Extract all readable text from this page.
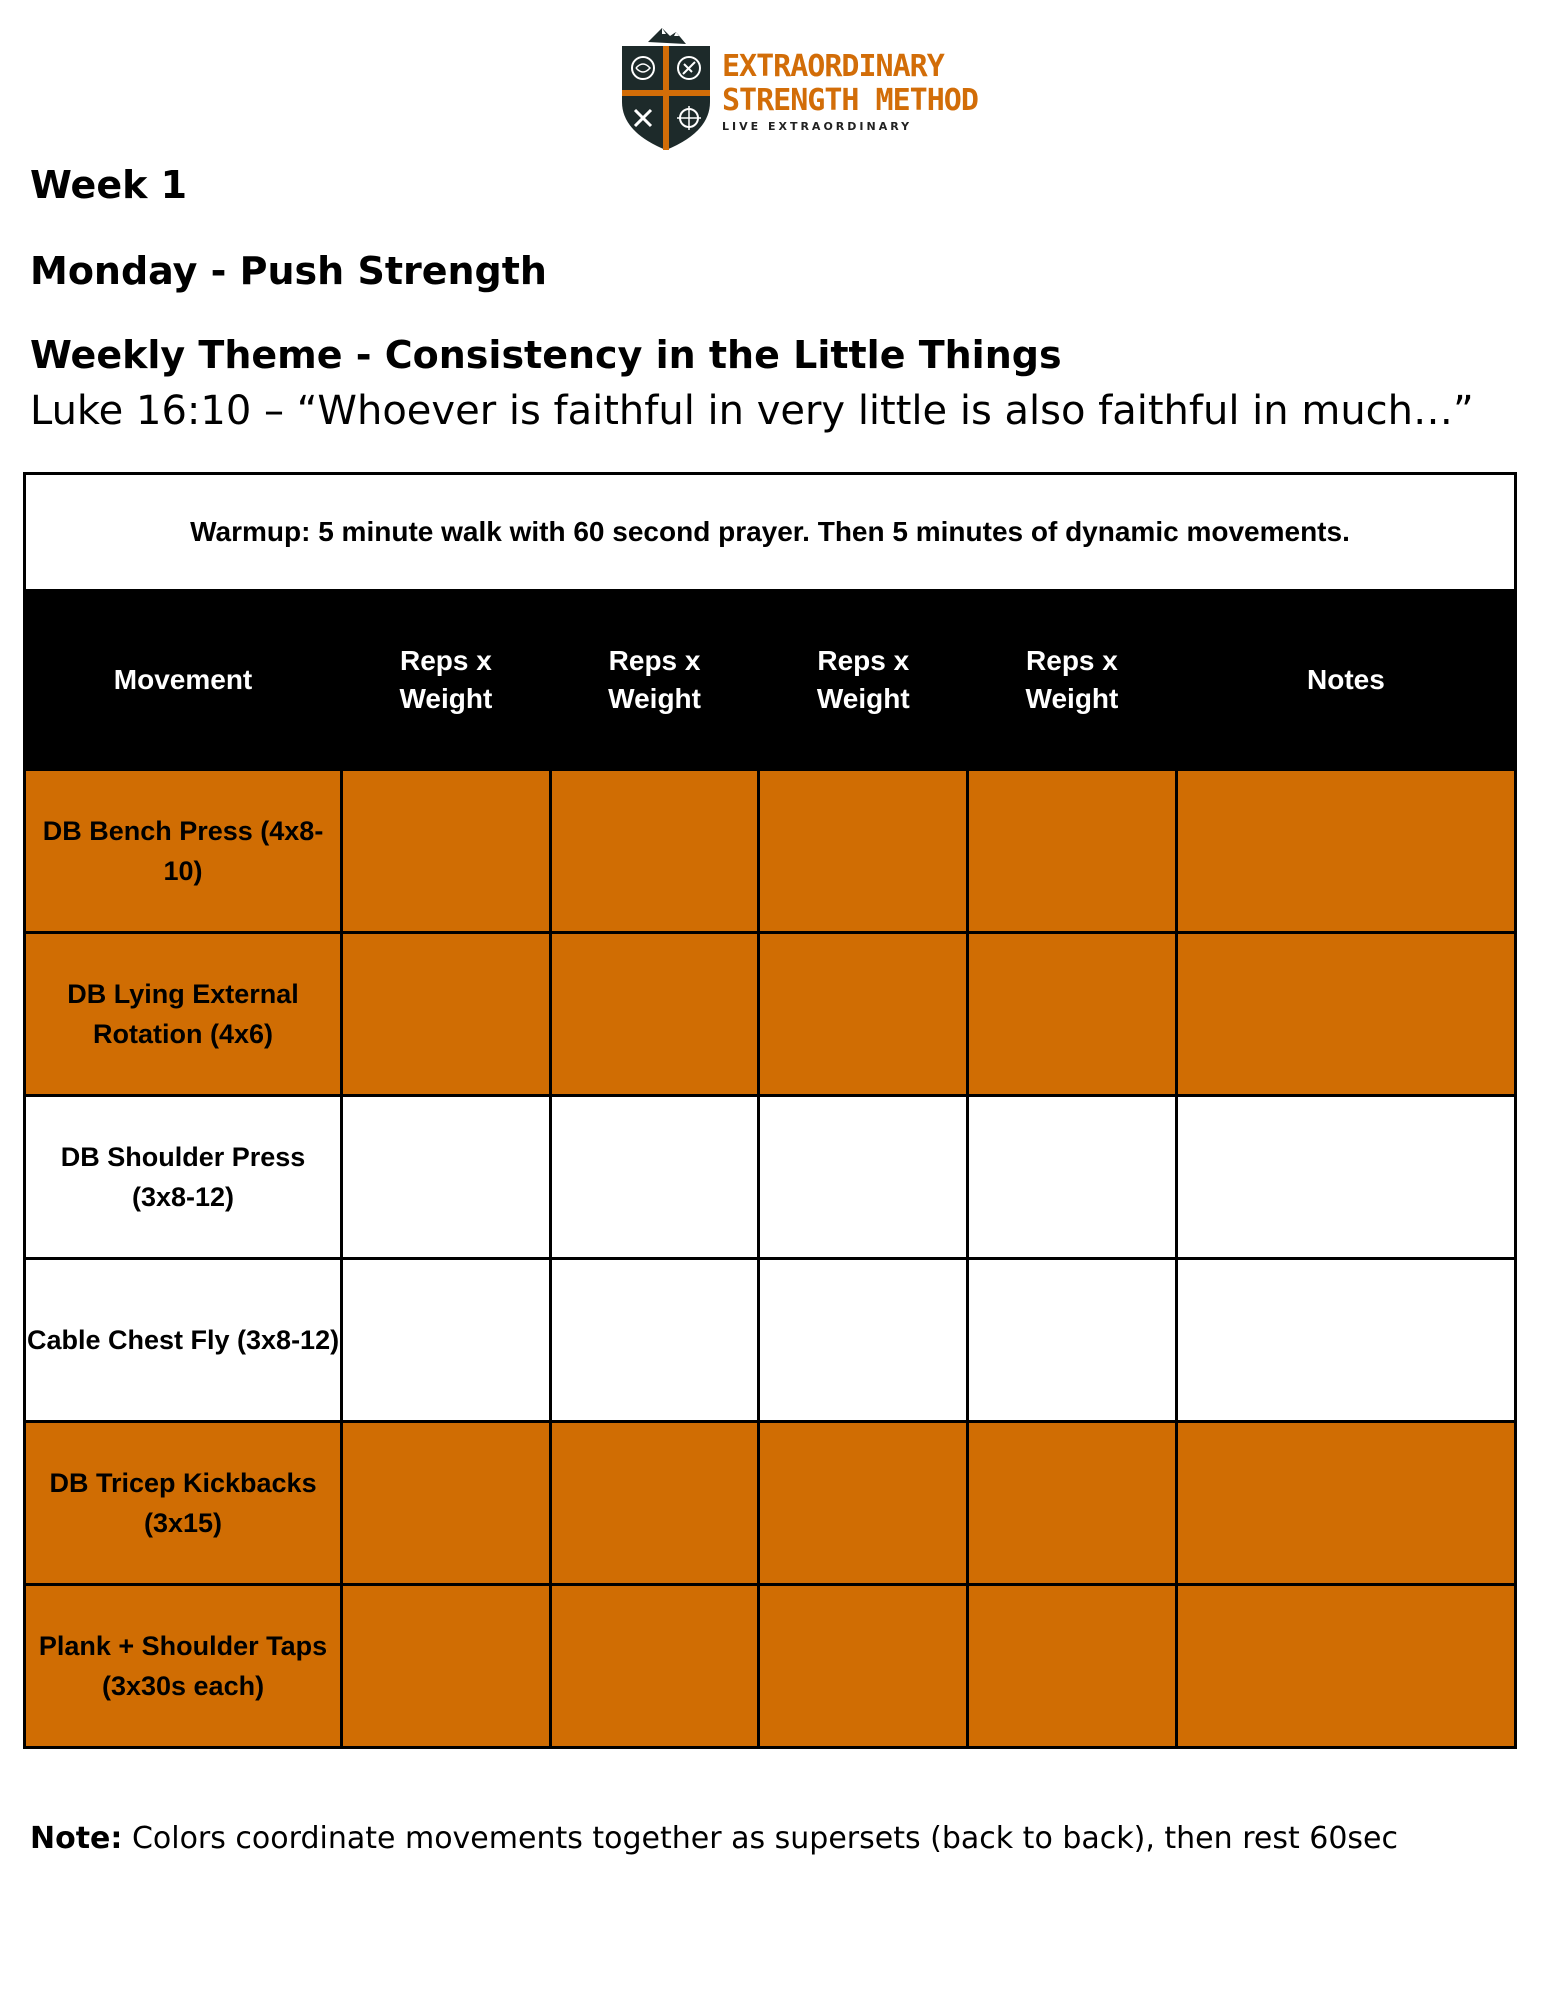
EXTRAORDINARY
STRENGTH METHOD
LIVE EXTRAORDINARY
Week 1
Monday - Push Strength
Weekly Theme - Consistency in the Little Things
Luke 16:10 – “Whoever is faithful in very little is also faithful in much…”
Warmup: 5 minute walk with 60 second prayer. Then 5 minutes of dynamic movements.					
Movement	Reps x Weight	Reps x Weight	Reps x Weight	Reps x Weight	Notes
DB Bench Press (4x8-10)					
DB Lying External Rotation (4x6)					
DB Shoulder Press (3x8-12)					
Cable Chest Fly (3x8-12)					
DB Tricep Kickbacks (3x15)					
Plank + Shoulder Taps (3x30s each)					
Note: Colors coordinate movements together as supersets (back to back), then rest 60sec
